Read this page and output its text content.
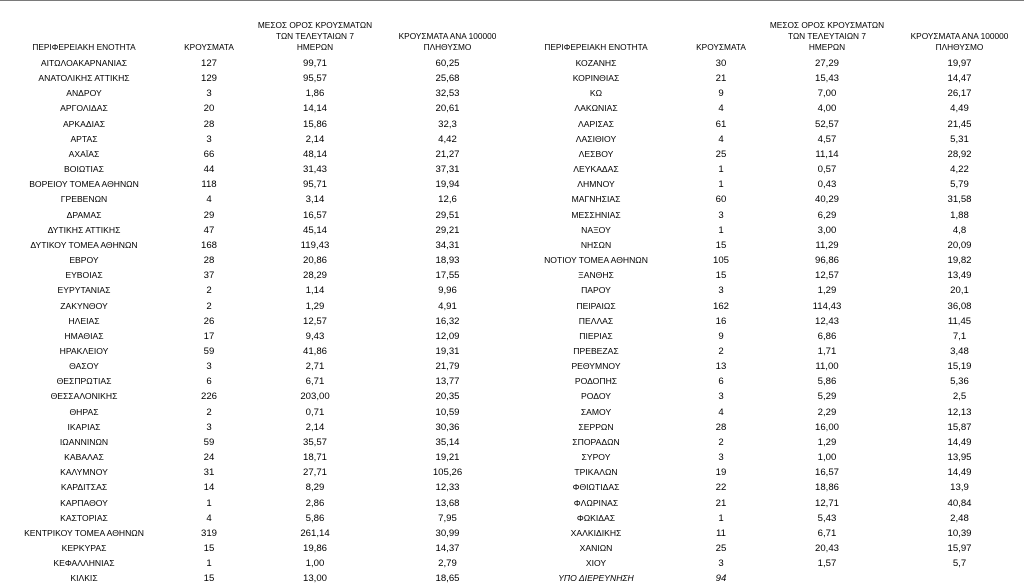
ΠΕΡΙΦΕΡΕΙΑΚΗ ΕΝΟΤΗΤΑ	ΚΡΟΥΣΜΑΤΑ
ΜΕΣΟΣ ΟΡΟΣ ΚΡΟΥΣΜΑΤΩΝ
ΤΩΝ ΤΕΛΕΥΤΑΙΩΝ 7
ΗΜΕΡΩΝ
ΚΡΟΥΣΜΑΤΑ ΑΝΑ 100000
ΠΛΗΘΥΣΜΟ
ΑΙΤΩΛΟΑΚΑΡΝΑΝΙΑΣ	127	99,71	60,25
ΑΝΑΤΟΛΙΚΗΣ ΑΤΤΙΚΗΣ	129	95,57	25,68
ΑΝΔΡΟΥ	3	1,86	32,53
ΑΡΓΟΛΙΔΑΣ	20	14,14	20,61
ΑΡΚΑΔΙΑΣ	28	15,86	32,3
ΑΡΤΑΣ	3	2,14	4,42
ΑΧΑΪΑΣ	66	48,14	21,27
ΒΟΙΩΤΙΑΣ	44	31,43	37,31
ΒΟΡΕΙΟΥ ΤΟΜΕΑ ΑΘΗΝΩΝ	118	95,71	19,94
ΓΡΕΒΕΝΩΝ	4	3,14	12,6
ΔΡΑΜΑΣ	29	16,57	29,51
ΔΥΤΙΚΗΣ ΑΤΤΙΚΗΣ	47	45,14	29,21
ΔΥΤΙΚΟΥ ΤΟΜΕΑ ΑΘΗΝΩΝ	168	119,43	34,31
ΕΒΡΟΥ	28	20,86	18,93
ΕΥΒΟΙΑΣ	37	28,29	17,55
ΕΥΡΥΤΑΝΙΑΣ	2	1,14	9,96
ΖΑΚΥΝΘΟΥ	2	1,29	4,91
ΗΛΕΙΑΣ	26	12,57	16,32
ΗΜΑΘΙΑΣ	17	9,43	12,09
ΗΡΑΚΛΕΙΟΥ	59	41,86	19,31
ΘΑΣΟΥ	3	2,71	21,79
ΘΕΣΠΡΩΤΙΑΣ	6	6,71	13,77
ΘΕΣΣΑΛΟΝΙΚΗΣ	226	203,00	20,35
ΘΗΡΑΣ	2	0,71	10,59
ΙΚΑΡΙΑΣ	3	2,14	30,36
ΙΩΑΝΝΙΝΩΝ	59	35,57	35,14
ΚΑΒΑΛΑΣ	24	18,71	19,21
ΚΑΛΥΜΝΟΥ	31	27,71	105,26
ΚΑΡΔΙΤΣΑΣ	14	8,29	12,33
ΚΑΡΠΑΘΟΥ	1	2,86	13,68
ΚΑΣΤΟΡΙΑΣ	4	5,86	7,95
ΚΕΝΤΡΙΚΟΥ ΤΟΜΕΑ ΑΘΗΝΩΝ	319	261,14	30,99
ΚΕΡΚΥΡΑΣ	15	19,86	14,37
ΚΕΦΑΛΛΗΝΙΑΣ	1	1,00	2,79
ΚΙΛΚΙΣ	15	13,00	18,65
ΠΕΡΙΦΕΡΕΙΑΚΗ ΕΝΟΤΗΤΑ	ΚΡΟΥΣΜΑΤΑ
ΜΕΣΟΣ ΟΡΟΣ ΚΡΟΥΣΜΑΤΩΝ
ΤΩΝ ΤΕΛΕΥΤΑΙΩΝ 7
ΗΜΕΡΩΝ
ΚΡΟΥΣΜΑΤΑ ΑΝΑ 100000
ΠΛΗΘΥΣΜΟ
ΚΟΖΑΝΗΣ	30	27,29	19,97
ΚΟΡΙΝΘΙΑΣ	21	15,43	14,47
ΚΩ	9	7,00	26,17
ΛΑΚΩΝΙΑΣ	4	4,00	4,49
ΛΑΡΙΣΑΣ	61	52,57	21,45
ΛΑΣΙΘΙΟΥ	4	4,57	5,31
ΛΕΣΒΟΥ	25	11,14	28,92
ΛΕΥΚΑΔΑΣ	1	0,57	4,22
ΛΗΜΝΟΥ	1	0,43	5,79
ΜΑΓΝΗΣΙΑΣ	60	40,29	31,58
ΜΕΣΣΗΝΙΑΣ	3	6,29	1,88
ΝΑΞΟΥ	1	3,00	4,8
ΝΗΣΩΝ	15	11,29	20,09
ΝΟΤΙΟΥ ΤΟΜΕΑ ΑΘΗΝΩΝ	105	96,86	19,82
ΞΑΝΘΗΣ	15	12,57	13,49
ΠΑΡΟΥ	3	1,29	20,1
ΠΕΙΡΑΙΩΣ	162	114,43	36,08
ΠΕΛΛΑΣ	16	12,43	11,45
ΠΙΕΡΙΑΣ	9	6,86	7,1
ΠΡΕΒΕΖΑΣ	2	1,71	3,48
ΡΕΘΥΜΝΟΥ	13	11,00	15,19
ΡΟΔΟΠΗΣ	6	5,86	5,36
ΡΟΔΟΥ	3	5,29	2,5
ΣΑΜΟΥ	4	2,29	12,13
ΣΕΡΡΩΝ	28	16,00	15,87
ΣΠΟΡΑΔΩΝ	2	1,29	14,49
ΣΥΡΟΥ	3	1,00	13,95
ΤΡΙΚΑΛΩΝ	19	16,57	14,49
ΦΘΙΩΤΙΔΑΣ	22	18,86	13,9
ΦΛΩΡΙΝΑΣ	21	12,71	40,84
ΦΩΚΙΔΑΣ	1	5,43	2,48
ΧΑΛΚΙΔΙΚΗΣ	11	6,71	10,39
ΧΑΝΙΩΝ	25	20,43	15,97
ΧΙΟΥ	3	1,57	5,7
ΥΠΟ ΔΙΕΡΕΥΝΗΣΗ	94
